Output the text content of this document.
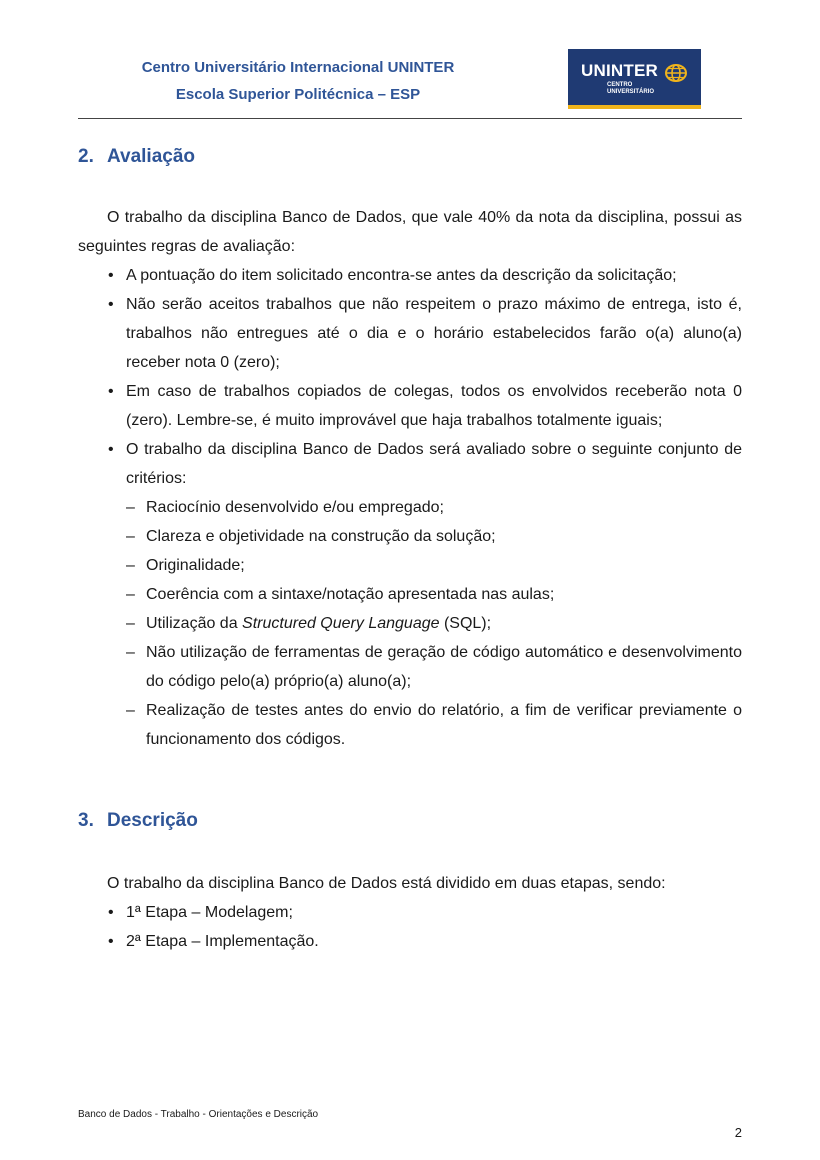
Centro Universitário Internacional UNINTER
Escola Superior Politécnica – ESP
UNINTER
CENTRO
UNIVERSITÁRIO
2. Avaliação

O trabalho da disciplina Banco de Dados, que vale 40% da nota da disciplina, possui as seguintes regras de avaliação:

• A pontuação do item solicitado encontra-se antes da descrição da solicitação;
• Não serão aceitos trabalhos que não respeitem o prazo máximo de entrega, isto é, trabalhos não entregues até o dia e o horário estabelecidos farão o(a) aluno(a) receber nota 0 (zero);
• Em caso de trabalhos copiados de colegas, todos os envolvidos receberão nota 0 (zero). Lembre-se, é muito improvável que haja trabalhos totalmente iguais;
• O trabalho da disciplina Banco de Dados será avaliado sobre o seguinte conjunto de critérios:
– Raciocínio desenvolvido e/ou empregado;
– Clareza e objetividade na construção da solução;
– Originalidade;
– Coerência com a sintaxe/notação apresentada nas aulas;
– Utilização da Structured Query Language (SQL);
– Não utilização de ferramentas de geração de código automático e desenvolvimento do código pelo(a) próprio(a) aluno(a);
– Realização de testes antes do envio do relatório, a fim de verificar previamente o funcionamento dos códigos.
3. Descrição

O trabalho da disciplina Banco de Dados está dividido em duas etapas, sendo:

• 1ª Etapa – Modelagem;
• 2ª Etapa – Implementação.
Banco de Dados - Trabalho - Orientações e Descrição
2
